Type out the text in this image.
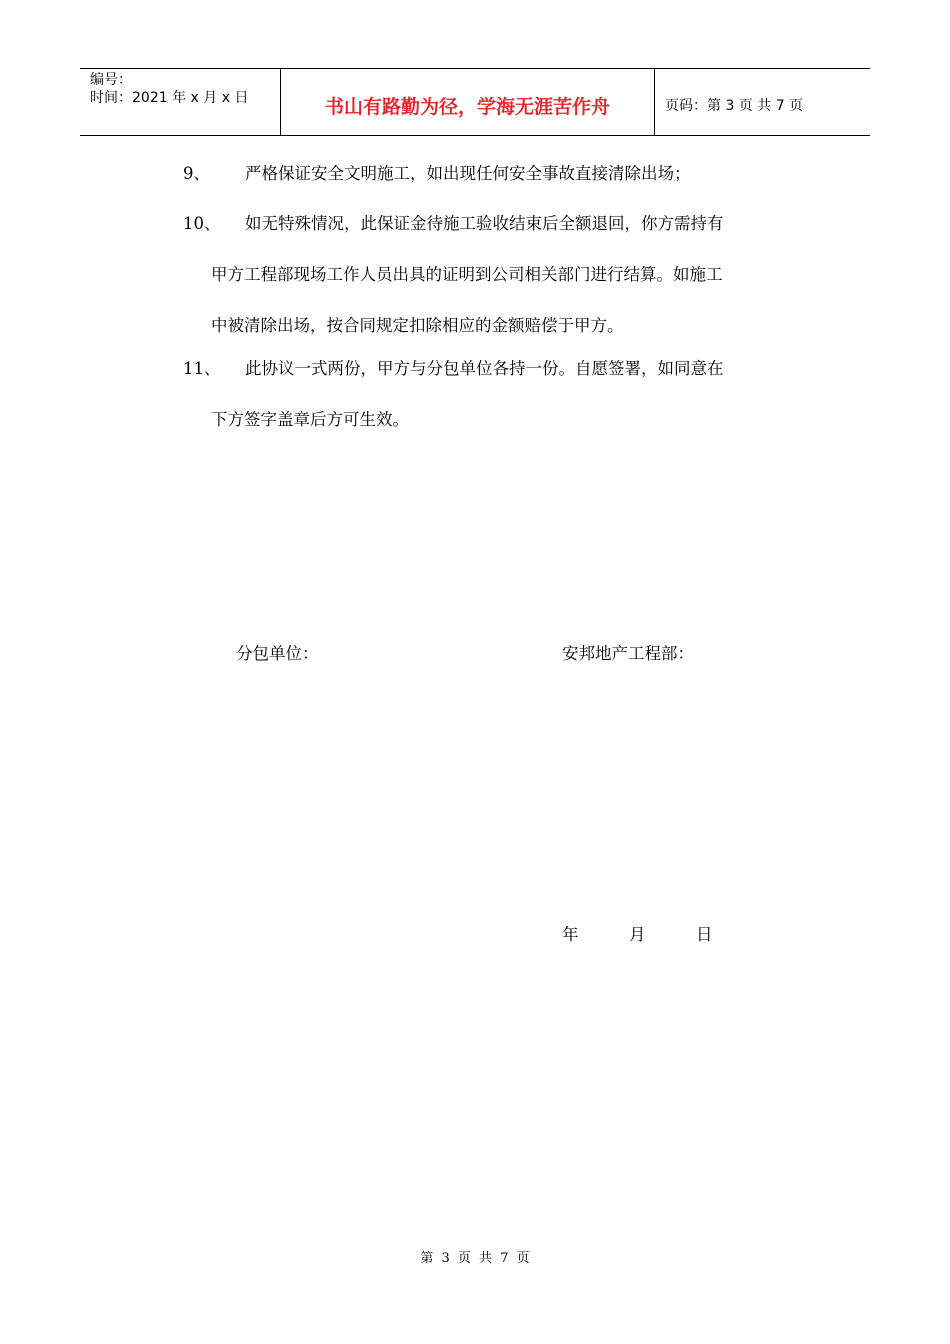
编号：
时间：2021 年 x 月 x 日	书山有路勤为径，学海无涯苦作舟	页码：第 3 页 共 7 页
9、 严格保证安全文明施工，如出现任何安全事故直接清除出场；
10、 如无特殊情况，此保证金待施工验收结束后全额退回，你方需持有
甲方工程部现场工作人员出具的证明到公司相关部门进行结算。如施工
中被清除出场，按合同规定扣除相应的金额赔偿于甲方。
11、 此协议一式两份，甲方与分包单位各持一份。自愿签署，如同意在
下方签字盖章后方可生效。
分包单位：	安邦地产工程部：
年	月	日
第 3 页 共 7 页
